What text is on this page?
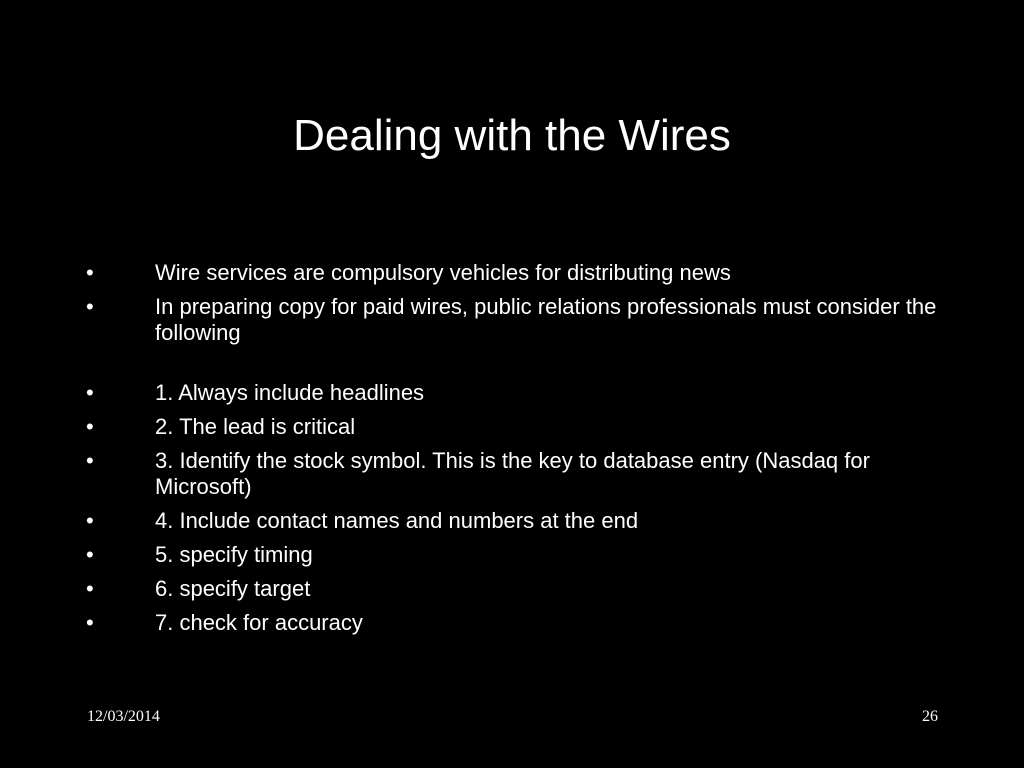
Dealing with the Wires
•	Wire services are compulsory vehicles for distributing news
•	In preparing copy for paid wires, public relations professionals must consider the following
•	1. Always include headlines
•	2. The lead is critical
•	3. Identify the stock symbol. This is the key to database entry (Nasdaq for Microsoft)
•	4. Include contact names and numbers at the end
•	5. specify timing
•	6. specify target
•	7. check for accuracy
12/03/2014	26
